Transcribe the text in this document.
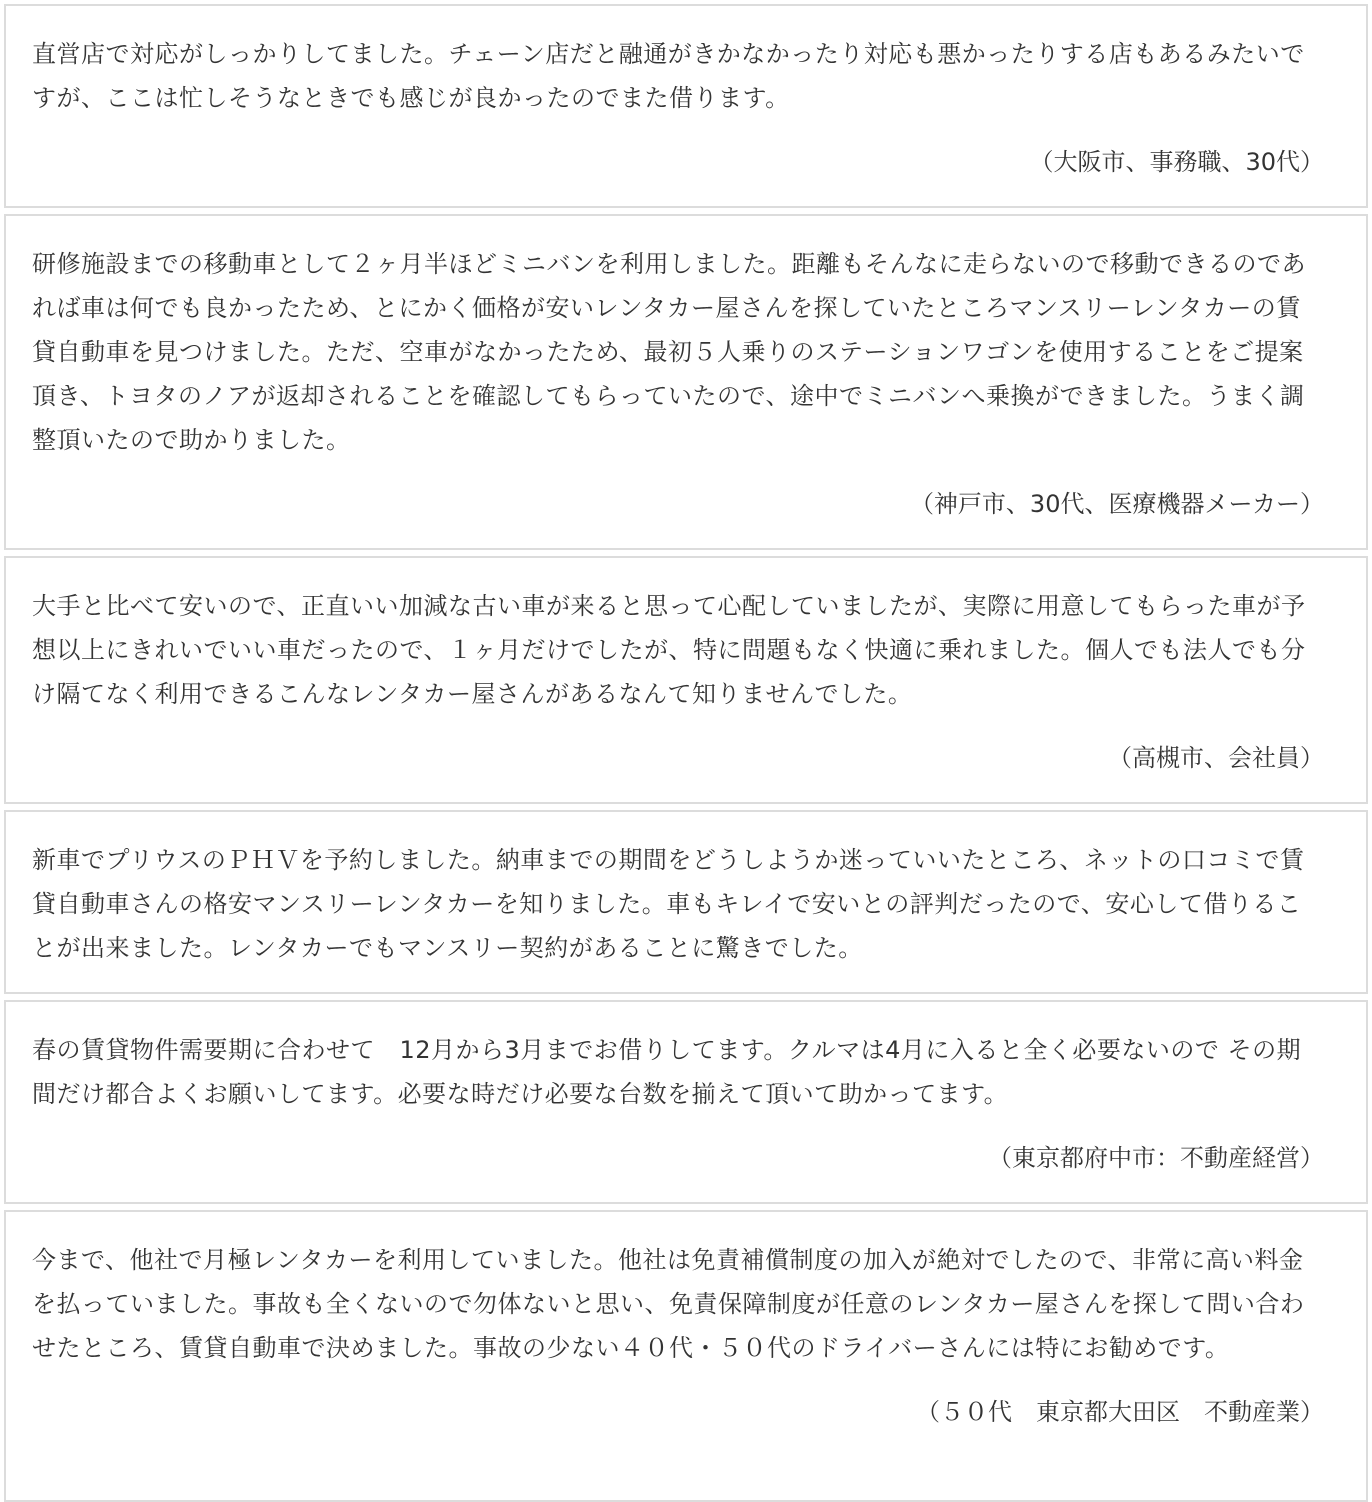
直営店で対応がしっかりしてました。チェーン店だと融通がきかなかったり対応も悪かったりする店もあるみたいですが、ここは忙しそうなときでも感じが良かったのでまた借ります。

（大阪市、事務職、30代）

研修施設までの移動車として２ヶ月半ほどミニバンを利用しました。距離もそんなに走らないので移動できるのであれば車は何でも良かったため、とにかく価格が安いレンタカー屋さんを探していたところマンスリーレンタカーの賃貸自動車を見つけました。ただ、空車がなかったため、最初５人乗りのステーションワゴンを使用することをご提案頂き、トヨタのノアが返却されることを確認してもらっていたので、途中でミニバンへ乗換ができました。うまく調整頂いたので助かりました。

（神戸市、30代、医療機器メーカー）

大手と比べて安いので、正直いい加減な古い車が来ると思って心配していましたが、実際に用意してもらった車が予想以上にきれいでいい車だったので、１ヶ月だけでしたが、特に問題もなく快適に乗れました。個人でも法人でも分け隔てなく利用できるこんなレンタカー屋さんがあるなんて知りませんでした。

（高槻市、会社員）

新車でプリウスのＰＨＶを予約しました。納車までの期間をどうしようか迷っていいたところ、ネットの口コミで賃貸自動車さんの格安マンスリーレンタカーを知りました。車もキレイで安いとの評判だったので、安心して借りることが出来ました。レンタカーでもマンスリー契約があることに驚きでした。

春の賃貸物件需要期に合わせて　12月から3月までお借りしてます。クルマは4月に入ると全く必要ないので その期間だけ都合よくお願いしてます。必要な時だけ必要な台数を揃えて頂いて助かってます。

（東京都府中市：不動産経営）

今まで、他社で月極レンタカーを利用していました。他社は免責補償制度の加入が絶対でしたので、非常に高い料金を払っていました。事故も全くないので勿体ないと思い、免責保障制度が任意のレンタカー屋さんを探して問い合わせたところ、賃貸自動車で決めました。事故の少ない４０代・５０代のドライバーさんには特にお勧めです。

（５０代　東京都大田区　不動産業）
